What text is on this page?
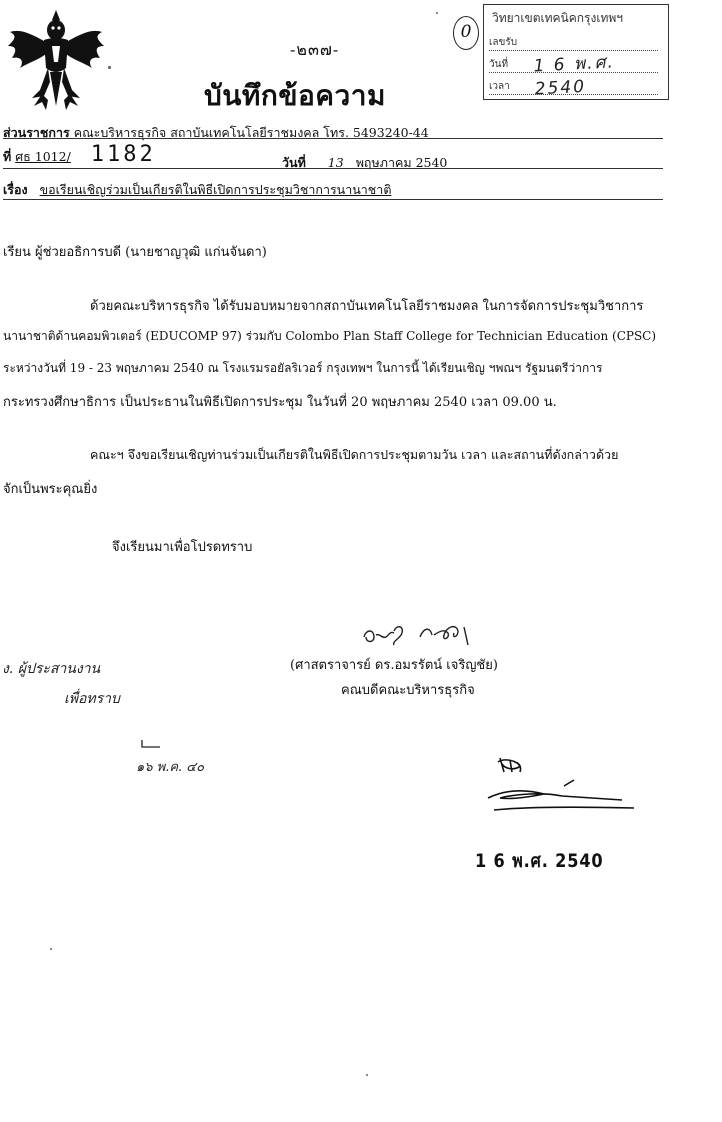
-๒๓๗-
0
วิทยาเขตเทคนิคกรุงเทพฯ
เลขรับ
วันที่	1 6 พ.ศ. 2540
เวลา
บันทึกข้อความ
ส่วนราชการ คณะบริหารธุรกิจ สถาบันเทคโนโลยีราชมงคล โทร. 5493240-44
ที่ ศธ 1012/ 1182	วันที่ 13 พฤษภาคม 2540
เรื่อง ขอเรียนเชิญร่วมเป็นเกียรติในพิธีเปิดการประชุมวิชาการนานาชาติ
เรียน ผู้ช่วยอธิการบดี (นายชาญวุฒิ แก่นจันดา)
ด้วยคณะบริหารธุรกิจ ได้รับมอบหมายจากสถาบันเทคโนโลยีราชมงคล ในการจัดการประชุมวิชาการ
นานาชาติด้านคอมพิวเตอร์ (EDUCOMP 97) ร่วมกับ Colombo Plan Staff College for Technician Education (CPSC)
ระหว่างวันที่ 19 - 23 พฤษภาคม 2540 ณ โรงแรมรอยัลริเวอร์ กรุงเทพฯ ในการนี้ ได้เรียนเชิญ ฯพณฯ รัฐมนตรีว่าการ
กระทรวงศึกษาธิการ เป็นประธานในพิธีเปิดการประชุม ในวันที่ 20 พฤษภาคม 2540 เวลา 09.00 น.
คณะฯ จึงขอเรียนเชิญท่านร่วมเป็นเกียรติในพิธีเปิดการประชุมตามวัน เวลา และสถานที่ดังกล่าวด้วย
จักเป็นพระคุณยิ่ง
จึงเรียนมาเพื่อโปรดทราบ
(ศาสตราจารย์ ดร.อมรรัตน์ เจริญชัย)
คณบดีคณะบริหารธุรกิจ
ง. ผู้ประสานงาน
เพื่อทราบ
๑๖ พ.ค. ๔๐
1 6 พ.ศ. 2540
